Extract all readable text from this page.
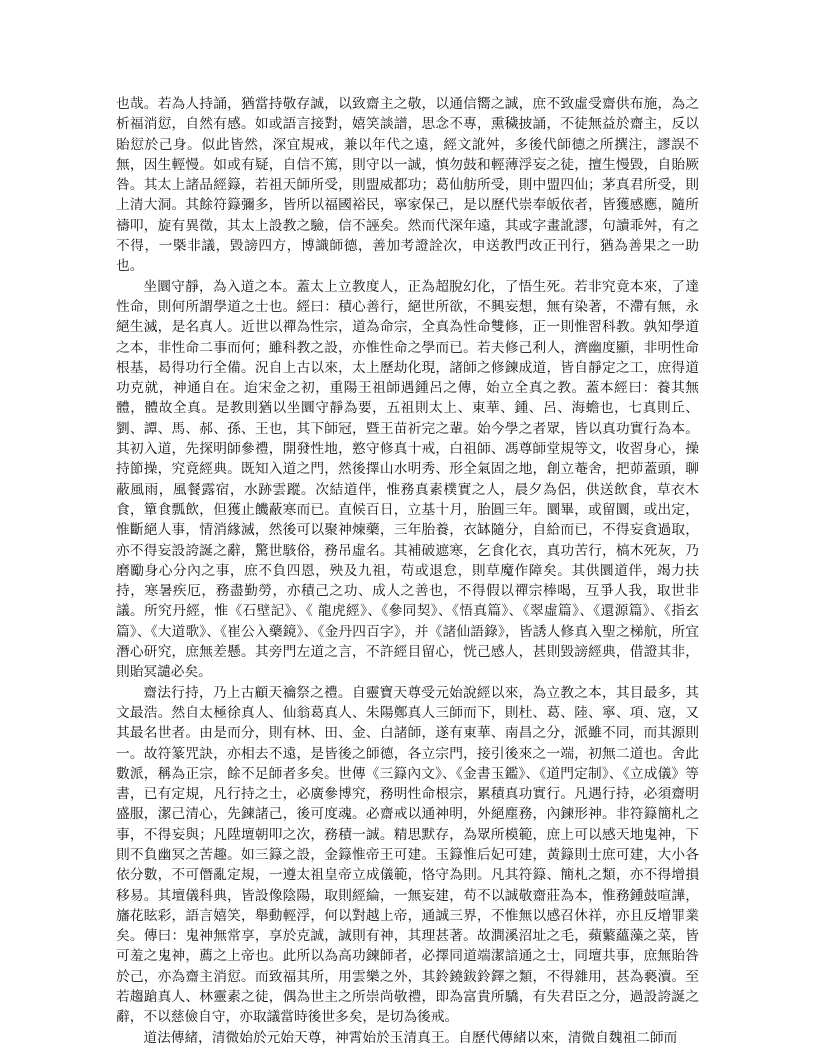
也哉。若為人持誦，猶當持敬存誠，以致齋主之敬，以通信嚮之誠，庶不致虛受齋供布施，為之析福消愆，自然有感。如或語言接對，嬉笑談譜，思念不專，熏穢披誦，不徒無益於齋主，反以貽愆於己身。似此皆然，深宜規戒，兼以年代之遠，經文訛舛，多後代師德之所撰注，謬誤不無，因生輕慢。如或有疑，自信不篤，則守以一誠，慎勿鼓和輕薄浮妄之徒，擅生慢毀，自貽厥咎。其太上諸品經籙，若祖天師所受，則盟威都功；葛仙舫所受，則中盟四仙；茅真君所受，則上清大洞。其餘符籙彌多，皆所以福國裕民，寧家保己，是以歷代崇奉皈依者，皆獲感應，隨所禱叩，旋有異徵，其太上設教之驗，信不誣矣。然而代深年遠，其或字畫訛謬，句讀乖舛，有之不得，一槩非議，毀謗四方，博識師德，善加考證詮次，申送教門改正刊行，猶為善果之一助也。

坐圜守靜，為入道之本。蓋太上立教度人，正為超脫幻化，了悟生死。若非究竟本來，了達性命，則何所謂學道之士也。經曰：積心善行，絕世所欲，不興妄想，無有染著，不滯有無，永絕生滅，是名真人。近世以禪為性宗，道為命宗，全真為性命雙修，正一則惟習科教。孰知學道之本，非性命二事而何；雖科教之設，亦惟性命之學而已。若夫修己利人，濟幽度顯，非明性命根基，曷得功行全備。況自上古以來，太上歷劫化現，諸師之修鍊成道，皆自靜定之工，庶得道功克就，神通自在。迨宋金之初，重陽王祖師遇鍾呂之傳，始立全真之教。蓋本經曰：養其無體，體故全真。是教則猶以坐圜守靜為要，五祖則太上、東華、鍾、呂、海蟾也，七真則丘、劉、譚、馬、郝、孫、王也，其下師冠，暨王苗祈完之輩。始今學之者眾，皆以真功實行為本。其初入道，先探明師參禮，開發性地，憝守修真十戒，白祖師、馮尊師堂規等文，收習身心，操持節操，究竟經典。既知入道之門，然後擇山水明秀、形全氣固之地，創立菴舍，把茆蓋頭，聊蔽風雨，風餐露宿，水跡雲蹤。次結道伴，惟務真素樸實之人，晨夕為侶，供送飲食，草衣木食，簞食瓢飲，但獲止饑蔽寒而已。直候百日，立基十月，胎圓三年。圜畢，或留圜，或出定，惟斷絕人事，情消緣滅，然後可以聚神煉藥，三年胎養，衣缽隨分，自給而已，不得妄貪過取，亦不得妄設誇誕之辭，驚世駭俗，務吊虛名。其補破遮寒，乞食化衣，真功苦行，槁木死灰，乃磨勵身心分內之事，庶不負四恩，殃及九祖，苟或退怠，則草魔作障矣。其供圜道伴，竭力扶持，寒暑疾厄，務盡勤勞，亦積己之功、成人之善也，不得假以禪宗棒喝，互爭人我，取世非議。所究丹經，惟《石壁記》、《 龍虎經》、《參同契》、《悟真篇》、《翠虛篇》、《還源篇》、《指玄篇》、《大道歌》、《崔公入藥鏡》、《金丹四百字》，并《諸仙語錄》，皆誘人修真入聖之梯航，所宜潛心研究，庶無差懸。其旁門左道之言，不許經目留心，恍己感人，甚則毀謗經典，借證其非，則貽冥譴必矣。

齋法行持，乃上古顧天禴祭之禮。自靈寶天尊受元始說經以來，為立教之本，其目最多，其文最浩。然自太極徐真人、仙翁葛真人、朱陽鄭真人三師而下，則杜、葛、陸、寧、項、寇，又其最名世者。由是而分，則有林、田、金、白諸師，遂有東華、南昌之分，派雖不同，而其源則一。故符篆咒訣，亦相去不遠，是皆後之師德，各立宗門，接引後來之一端，初無二道也。舍此數派，稱為正宗，餘不足師者多矣。世傳《三籙內文》、《金書玉鑑》、《道門定制》、《立成儀》等書，已有定規，凡行持之士，必廣參博究，務明性命根宗，累積真功實行。凡遇行持，必須齋明盛服，潔己清心，先鍊諸己，後可度魂。必齋戒以通神明，外絕塵務，內鍊形神。非符籙簡札之事，不得妄與；凡陞壇朝叩之次，務積一誠。精思默存，為眾所模範，庶上可以感天地鬼神，下則不負幽冥之苦趣。如三籙之設，金籙惟帝王可建。玉籙惟后妃可建，黃籙則士庶可建，大小各依分數，不可僭亂定規，一遵太祖皇帝立成儀範，恪守為則。凡其符籙、簡札之類，亦不得增損移易。其壇儀科典，皆設像陰陽，取則經綸，一無妄建，苟不以誠敬齋莊為本，惟務鍾鼓喧譁，旛花眩彩，語言嬉笑，舉動輕浮，何以對越上帝，通誠三界，不惟無以感召休祥，亦且反增罪業矣。傳曰：鬼神無常享，享於克誠，誠則有神，其理甚著。故澗溪沼址之毛，蘋蘩蘊藻之菜，皆可羞之鬼神，薦之上帝也。此所以為高功鍊師者，必擇同道端潔諳通之士，同壇共事，庶無貽咎於己，亦為齋主消愆。而致福其所，用雲樂之外，其鈴鐃鈸鈴鐸之類，不得雜用，甚為褻瀆。至若趨蹌真人、林靈素之徒，偶為世主之所崇尚敬禮，即為富貴所驕，有失君臣之分，過設誇誕之辭，不以慈儉自守，亦取議當時後世多矣，是切為後戒。

道法傳緒，清微始於元始天尊，神霄始於玉清真王。自歷代傳緒以來，清微自魏祖二師而
